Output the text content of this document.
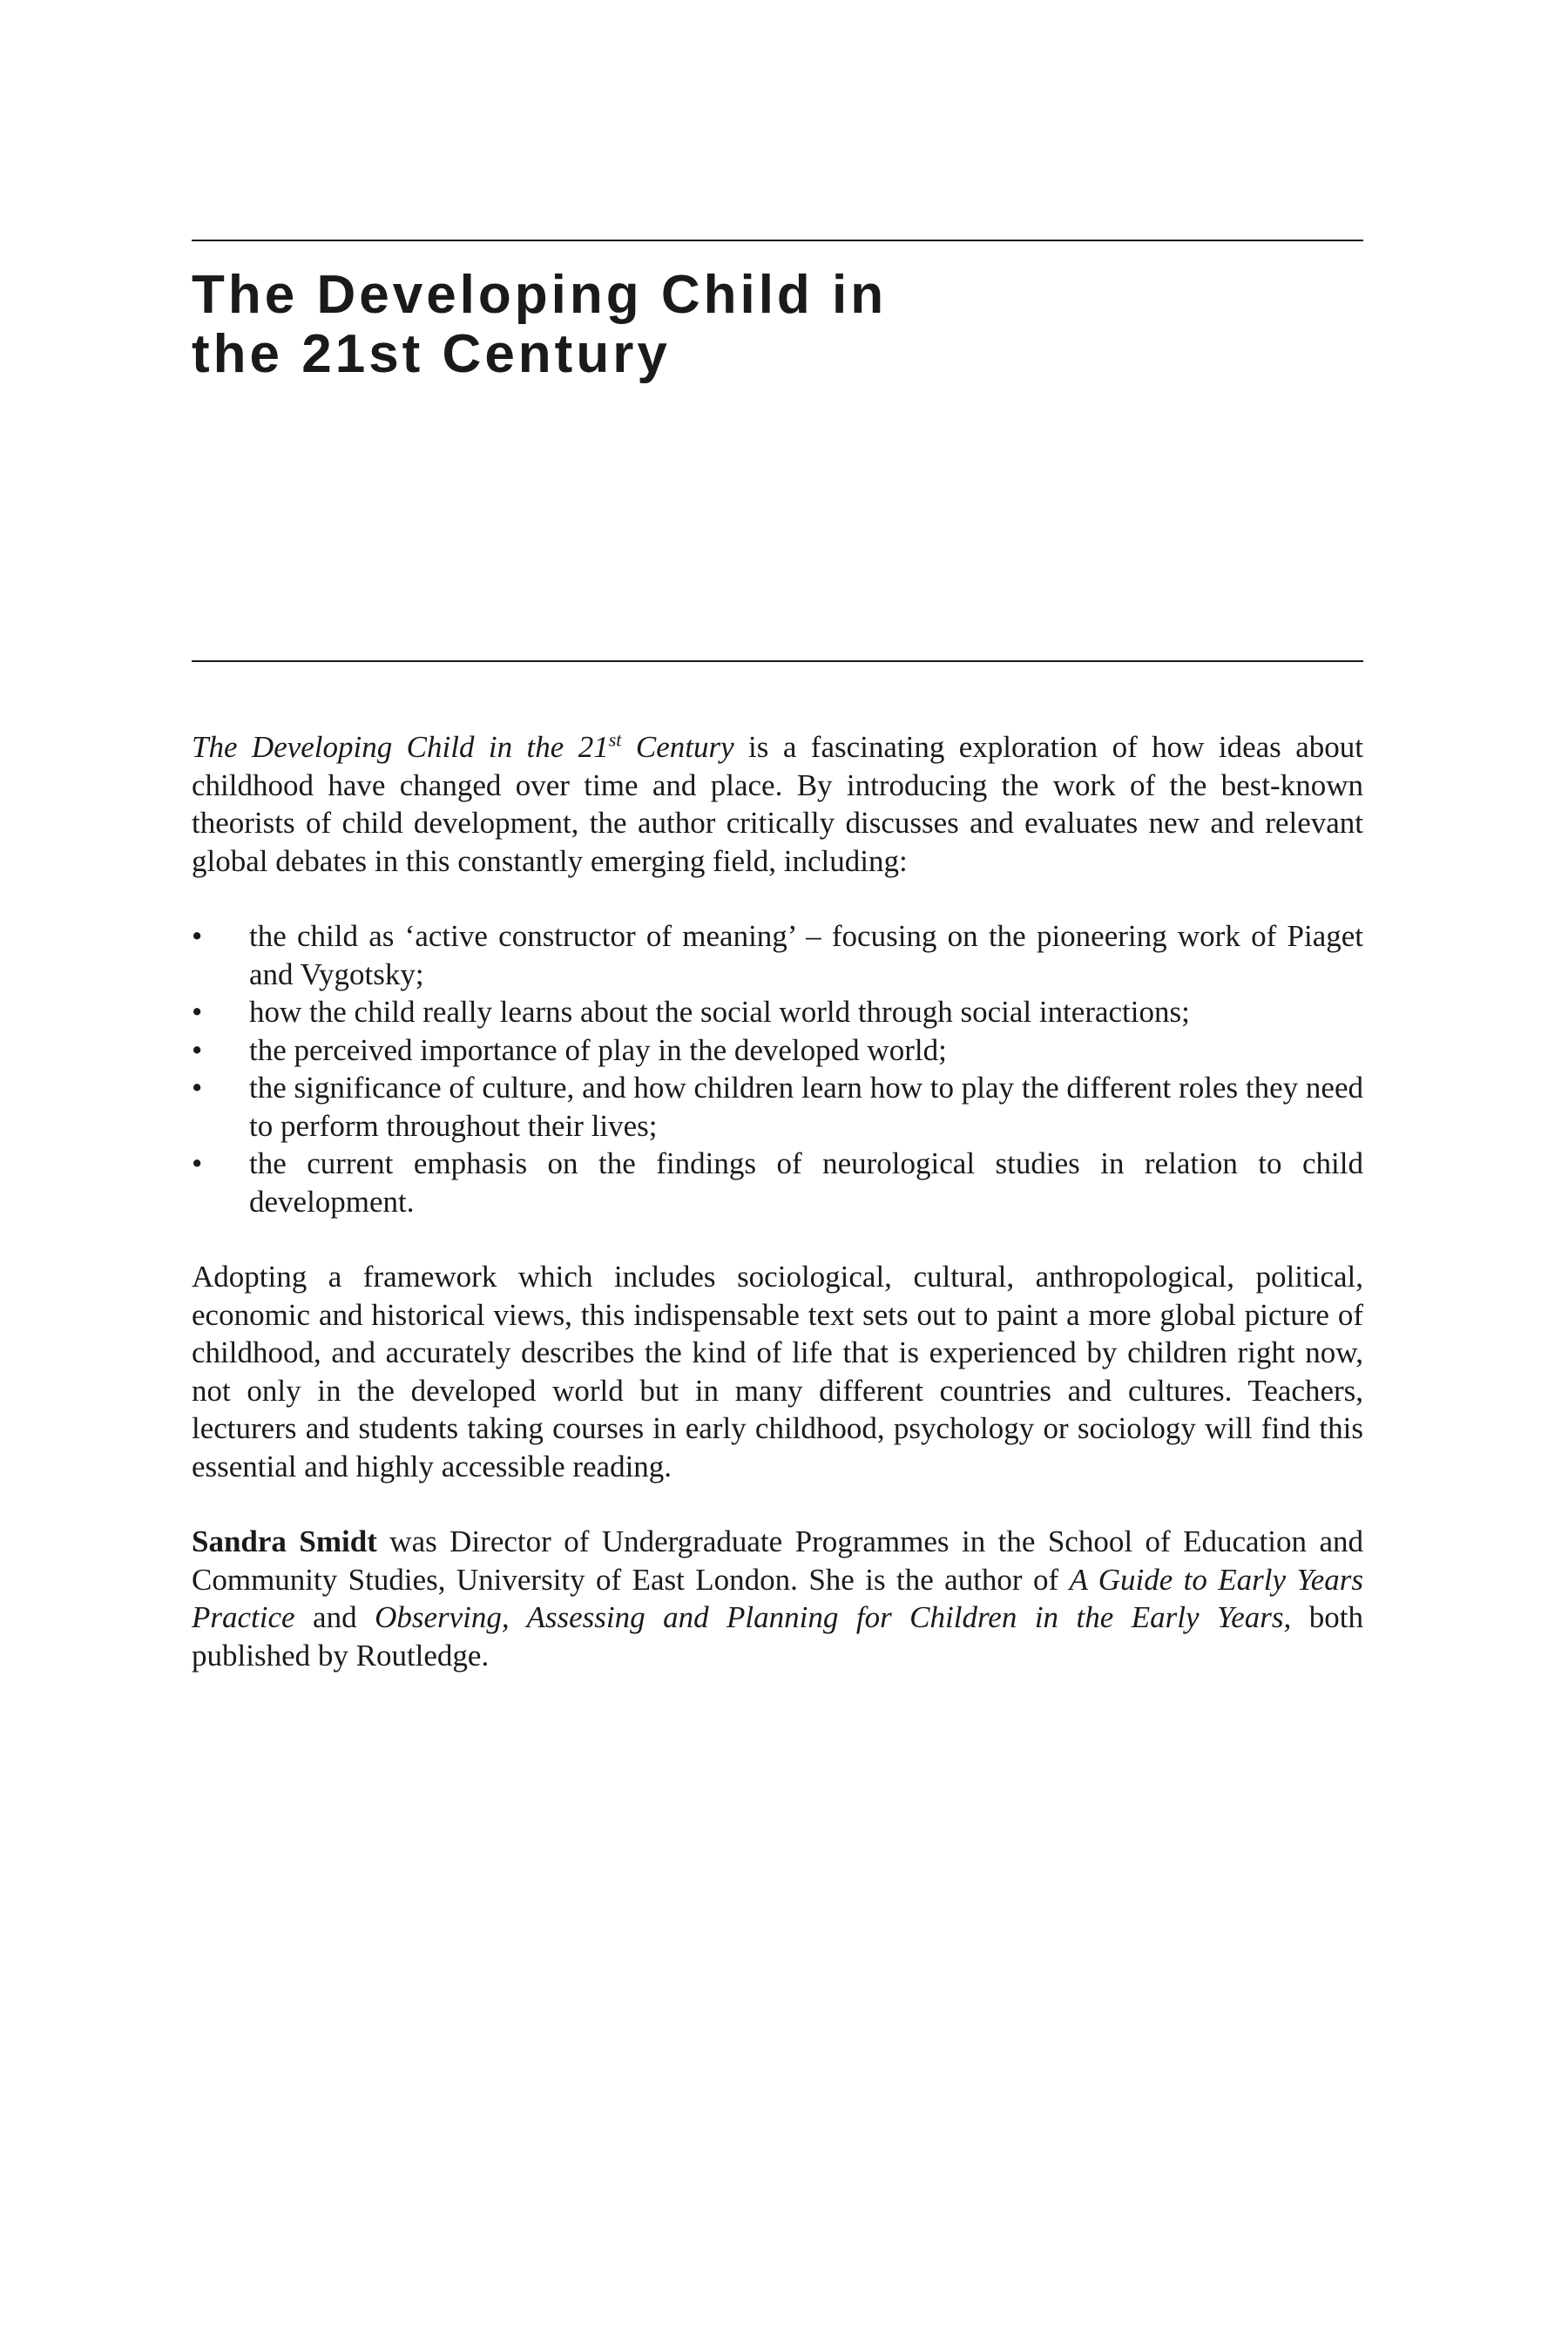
The Developing Child in
the 21st Century

The Developing Child in the 21st Century is a fascinating exploration of how ideas about childhood have changed over time and place. By introducing the work of the best-known theorists of child development, the author critically discusses and evaluates new and relevant global debates in this constantly emerging field, including:

• the child as ‘active constructor of meaning’ – focusing on the pioneering work of Piaget and Vygotsky;
• how the child really learns about the social world through social interactions;
• the perceived importance of play in the developed world;
• the significance of culture, and how children learn how to play the different roles they need to perform throughout their lives;
• the current emphasis on the findings of neurological studies in relation to child development.

Adopting a framework which includes sociological, cultural, anthropological, political, economic and historical views, this indispensable text sets out to paint a more global picture of childhood, and accurately describes the kind of life that is experienced by children right now, not only in the developed world but in many different countries and cultures. Teachers, lecturers and students taking courses in early childhood, psychology or sociology will find this essential and highly accessible reading.

Sandra Smidt was Director of Undergraduate Programmes in the School of Education and Community Studies, University of East London. She is the author of A Guide to Early Years Practice and Observing, Assessing and Planning for Children in the Early Years, both published by Routledge.
